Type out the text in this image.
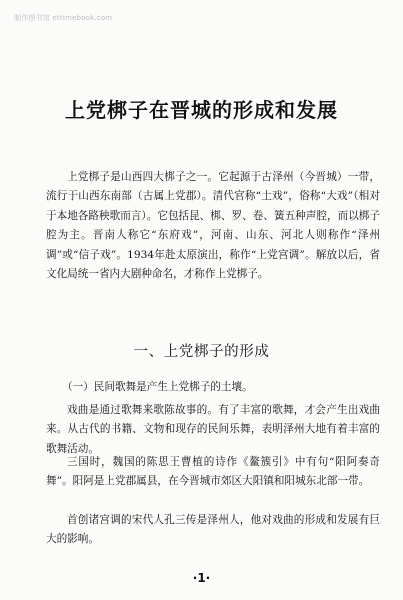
制作图书馆 ettimebook.com
上党梆子在晋城的形成和发展

上党梆子是山西四大梆子之一。它起源于古泽州（今晋城）一带，流行于山西东南部（古属上党郡）。清代官称“土戏”，俗称“大戏”（相对于本地各路秧歌而言）。它包括昆、梆、罗、卷、簧五种声腔，而以梆子腔为主。晋南人称它“东府戏”，河南、山东、河北人则称作“泽州调”或“信子戏”。1934年赴太原演出，称作“上党宫调”。解放以后，省文化局统一省内大剧种命名，才称作上党梆子。

一、上党梆子的形成

（一）民间歌舞是产生上党梆子的土壤。

戏曲是通过歌舞来歌陈故事的。有了丰富的歌舞，才会产生出戏曲来。从古代的书籍、文物和现存的民间乐舞，表明泽州大地有着丰富的歌舞活动。

三国时，魏国的陈思王曹植的诗作《鳌簇引》中有句“阳阿奏奇舞”。阳阿是上党郡属县，在今晋城市郊区大阳镇和阳城东北部一带。

首创诸宫调的宋代人孔三传是泽州人，他对戏曲的形成和发展有巨大的影响。

·1·
